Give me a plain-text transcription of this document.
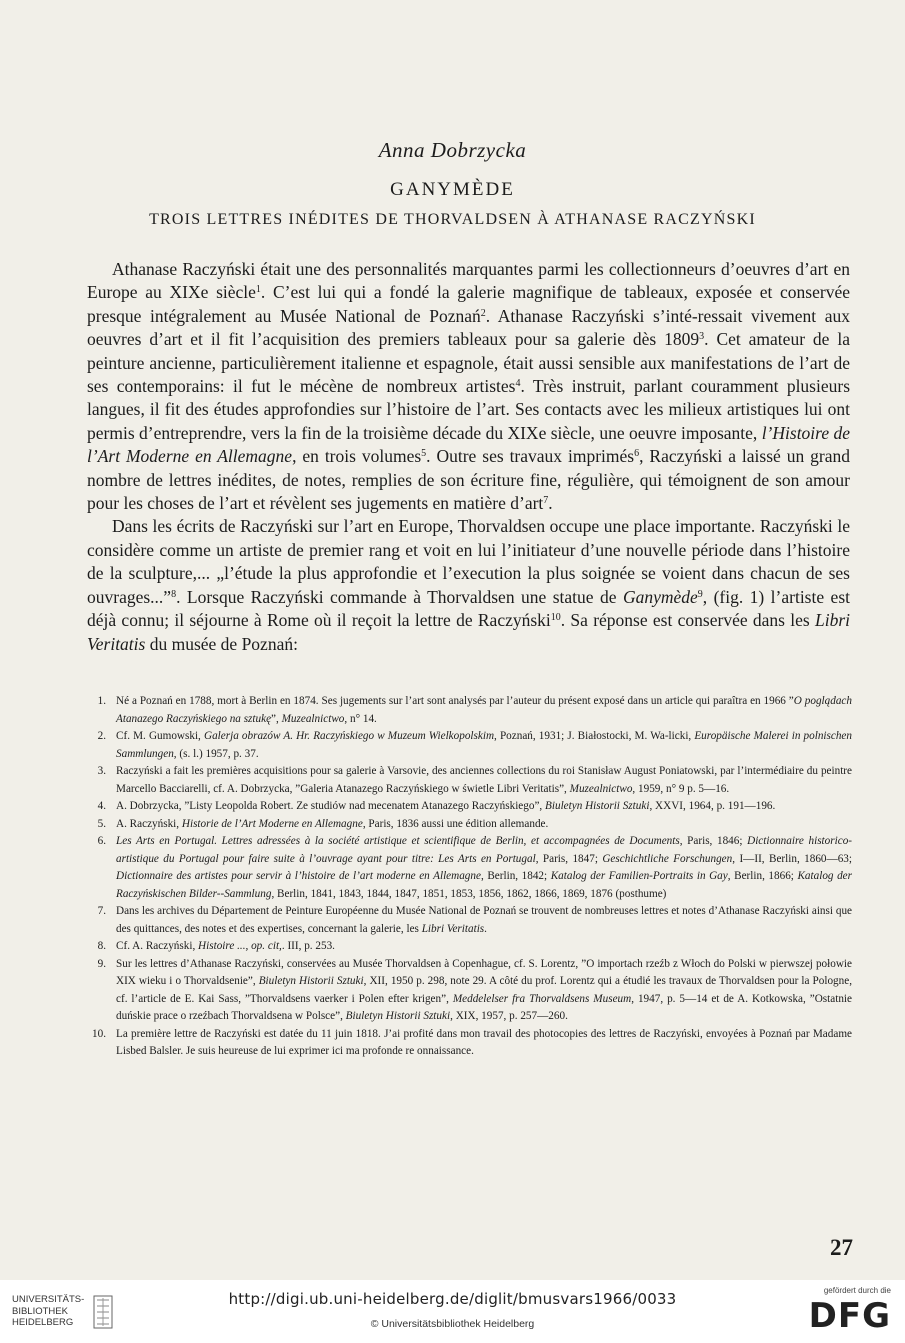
Anna Dobrzycka
GANYMÈDE
TROIS LETTRES INÉDITES DE THORVALDSEN À ATHANASE RACZYŃSKI

Athanase Raczyński était une des personnalités marquantes parmi les collectionneurs d’oeuvres d’art en Europe au XIXe siècle$^1$. C’est lui qui a fondé la galerie magnifique de tableaux, exposée et conservée presque intégralement au Musée National de Poznań$^2$. Athanase Raczyński s’inté-ressait vivement aux oeuvres d’art et il fit l’acquisition des premiers tableaux pour sa galerie dès 1809$^3$. Cet amateur de la peinture ancienne, particulièrement italienne et espagnole, était aussi sensible aux manifestations de l’art de ses contemporains: il fut le mécène de nombreux artistes$^4$. Très instruit, parlant couramment plusieurs langues, il fit des études approfondies sur l’histoire de l’art. Ses contacts avec les milieux artistiques lui ont permis d’entreprendre, vers la fin de la troisième décade du XIXe siècle, une oeuvre imposante, l’Histoire de l’Art Moderne en Allemagne, en trois volumes$^5$. Outre ses travaux imprimés$^6$, Raczyński a laissé un grand nombre de lettres inédites, de notes, remplies de son écriture fine, régulière, qui témoignent de son amour pour les choses de l’art et révèlent ses jugements en matière d’art$^7$.

Dans les écrits de Raczyński sur l’art en Europe, Thorvaldsen occupe une place importante. Raczyński le considère comme un artiste de premier rang et voit en lui l’initiateur d’une nouvelle période dans l’histoire de la sculpture,... „l’étude la plus approfondie et l’execution la plus soignée se voient dans chacun de ses ouvrages...”$^8$. Lorsque Raczyński commande à Thorvaldsen une statue de Ganymède$^9$, (fig. 1) l’artiste est déjà connu; il séjourne à Rome où il reçoit la lettre de Raczyński$^{10}$. Sa réponse est conservée dans les Libri Veritatis du musée de Poznań:

1. Né a Poznań en 1788, mort à Berlin en 1874. Ses jugements sur l’art sont analysés par l’auteur du présent exposé dans un article qui paraîtra en 1966 ”O poglądach Atanazego Raczyńskiego na sztukę”, Muzealnictwo, n° 14.
2. Cf. M. Gumowski, Galerja obrazów A. Hr. Raczyńskiego w Muzeum Wielkopolskim, Poznań, 1931; J. Białostocki, M. Wa-licki, Europäische Malerei in polnischen Sammlungen, (s. l.) 1957, p. 37.
3. Raczyński a fait les premières acquisitions pour sa galerie à Varsovie, des anciennes collections du roi Stanisław August Poniatowski, par l’intermédiaire du peintre Marcello Bacciarelli, cf. A. Dobrzycka, ”Galeria Atanazego Raczyńskiego w świetle Libri Veritatis”, Muzealnictwo, 1959, n° 9 p. 5—16.
4. A. Dobrzycka, ”Listy Leopolda Robert. Ze studiów nad mecenatem Atanazego Raczyńskiego”, Biuletyn Historii Sztuki, XXVI, 1964, p. 191—196.
5. A. Raczyński, Historie de l’Art Moderne en Allemagne, Paris, 1836 aussi une édition allemande.
6. Les Arts en Portugal. Lettres adressées à la société artistique et scientifique de Berlin, et accompagnées de Documents, Paris, 1846; Dictionnaire historico-artistique du Portugal pour faire suite à l’ouvrage ayant pour titre: Les Arts en Portugal, Paris, 1847; Geschichtliche Forschungen, I—II, Berlin, 1860—63; Dictionnaire des artistes pour servir à l’histoire de l’art moderne en Allemagne, Berlin, 1842; Katalog der Familien-Portraits in Gay, Berlin, 1866; Katalog der Raczyńskischen Bilder--Sammlung, Berlin, 1841, 1843, 1844, 1847, 1851, 1853, 1856, 1862, 1866, 1869, 1876 (posthume)
7. Dans les archives du Département de Peinture Européenne du Musée National de Poznań se trouvent de nombreuses lettres et notes d’Athanase Raczyński ainsi que des quittances, des notes et des expertises, concernant la galerie, les Libri Veritatis.
8. Cf. A. Raczyński, Histoire ..., op. cit,. III, p. 253.
9. Sur les lettres d’Athanase Raczyński, conservées au Musée Thorvaldsen à Copenhague, cf. S. Lorentz, ”O importach rzeźb z Włoch do Polski w pierwszej połowie XIX wieku i o Thorvaldsenie”, Biuletyn Historii Sztuki, XII, 1950 p. 298, note 29. A côté du prof. Lorentz qui a étudié les travaux de Thorvaldsen pour la Pologne, cf. l’article de E. Kai Sass, ”Thorvaldsens vaerker i Polen efter krigen”, Meddelelser fra Thorvaldsens Museum, 1947, p. 5—14 et de A. Kotkowska, ”Ostatnie duńskie prace o rzeźbach Thorvaldsena w Polsce”, Biuletyn Historii Sztuki, XIX, 1957, p. 257—260.
10. La première lettre de Raczyński est datée du 11 juin 1818. J’ai profité dans mon travail des photocopies des lettres de Raczyński, envoyées à Poznań par Madame Lisbed Balsler. Je suis heureuse de lui exprimer ici ma profonde re onnaissance.
27
UNIVERSITÄTS-
BIBLIOTHEK
HEIDELBERG
http://digi.ub.uni-heidelberg.de/diglit/bmusvars1966/0033
© Universitätsbibliothek Heidelberg
gefördert durch die
DFG
